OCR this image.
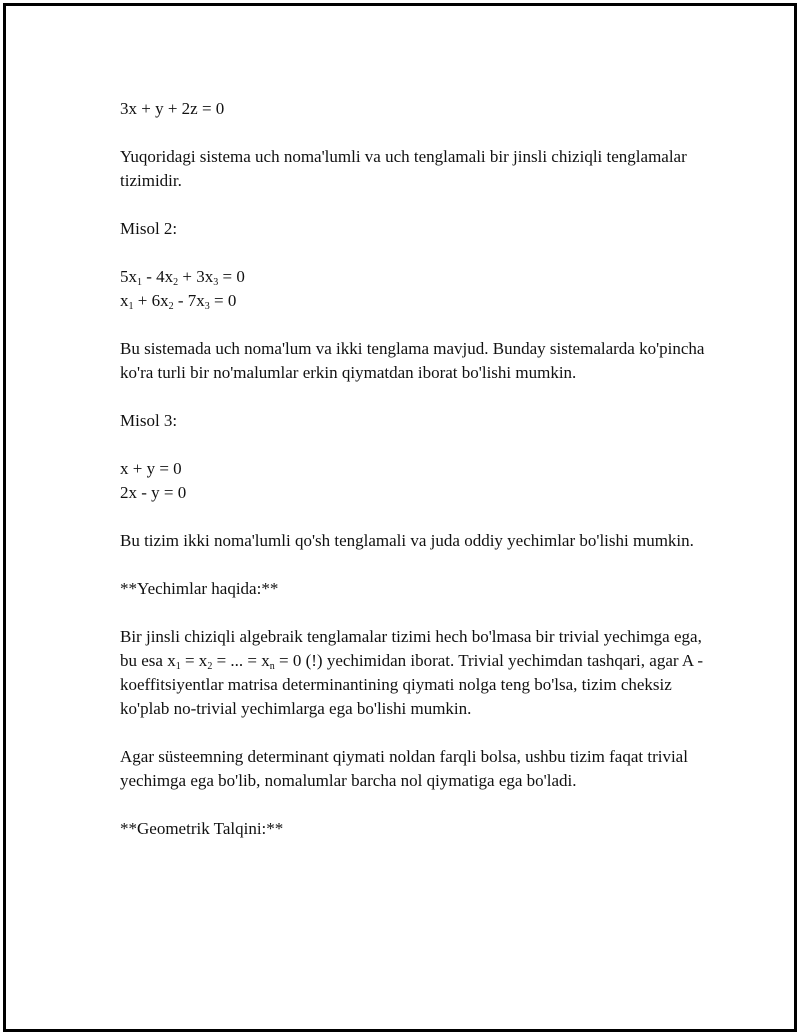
3x + y + 2z = 0

Yuqoridagi sistema uch noma'lumli va uch tenglamali bir jinsli chiziqli tenglamalar tizimidir.

Misol 2:

$5x_1 - 4x_2 + 3x_3 = 0$
$x_1 + 6x_2 - 7x_3 = 0$

Bu sistemada uch noma'lum va ikki tenglama mavjud. Bunday sistemalarda ko'pincha ko'ra turli bir no'malumlar erkin qiymatdan iborat bo'lishi mumkin.

Misol 3:

x + y = 0
2x - y = 0

Bu tizim ikki noma'lumli qo'sh tenglamali va juda oddiy yechimlar bo'lishi mumkin.

**Yechimlar haqida:**

Bir jinsli chiziqli algebraik tenglamalar tizimi hech bo'lmasa bir trivial yechimga ega, bu esa $x_1 = x_2$ = ... = $x_n = 0$ (!) yechimidan iborat. Trivial yechimdan tashqari, agar A - koeffitsiyentlar matrisa determinantining qiymati nolga teng bo'lsa, tizim cheksiz ko'plab no-trivial yechimlarga ega bo'lishi mumkin.

Agar süsteemning determinant qiymati noldan farqli bolsa, ushbu tizim faqat trivial yechimga ega bo'lib, nomalumlar barcha nol qiymatiga ega bo'ladi.

**Geometrik Talqini:**
